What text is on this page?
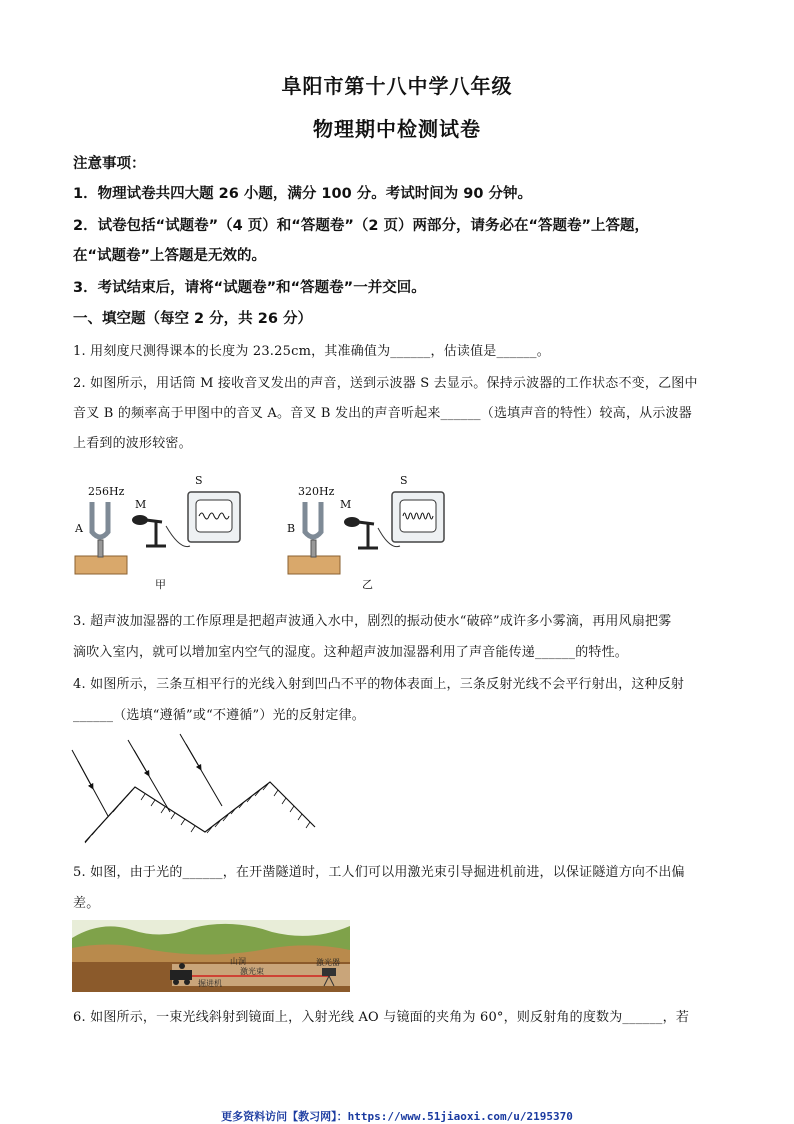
阜阳市第十八中学八年级
物理期中检测试卷
注意事项：
1．物理试卷共四大题 26 小题，满分 100 分。考试时间为 90 分钟。
2．试卷包括“试题卷”（4 页）和“答题卷”（2 页）两部分，请务必在“答题卷”上答题，
在“试题卷”上答题是无效的。
3．考试结束后，请将“试题卷”和“答题卷”一并交回。
一、填空题（每空 2 分，共 26 分）
1. 用刻度尺测得课本的长度为 23.25cm，其准确值为______，估读值是______。
2. 如图所示，用话筒 M 接收音叉发出的声音，送到示波器 S 去显示。保持示波器的工作状态不变，乙图中
音叉 B 的频率高于甲图中的音叉 A。音叉 B 发出的声音听起来______（选填声音的特性）较高，从示波器
上看到的波形较密。
256Hz
A
M
S
甲
320Hz
B
M
S
乙
3. 超声波加湿器的工作原理是把超声波通入水中，剧烈的振动使水“破碎”成许多小雾滴，再用风扇把雾
滴吹入室内，就可以增加室内空气的湿度。这种超声波加湿器利用了声音能传递______的特性。
4. 如图所示，三条互相平行的光线入射到凹凸不平的物体表面上，三条反射光线不会平行射出，这种反射
______（选填“遵循”或“不遵循”）光的反射定律。
5. 如图，由于光的______，在开凿隧道时，工人们可以用激光束引导掘进机前进，以保证隧道方向不出偏
差。
山洞
激光束
激光器
掘进机
6. 如图所示，一束光线斜射到镜面上，入射光线 AO 与镜面的夹角为 60°，则反射角的度数为______，若
更多资料访问【教习网】：https://www.51jiaoxi.com/u/2195370
